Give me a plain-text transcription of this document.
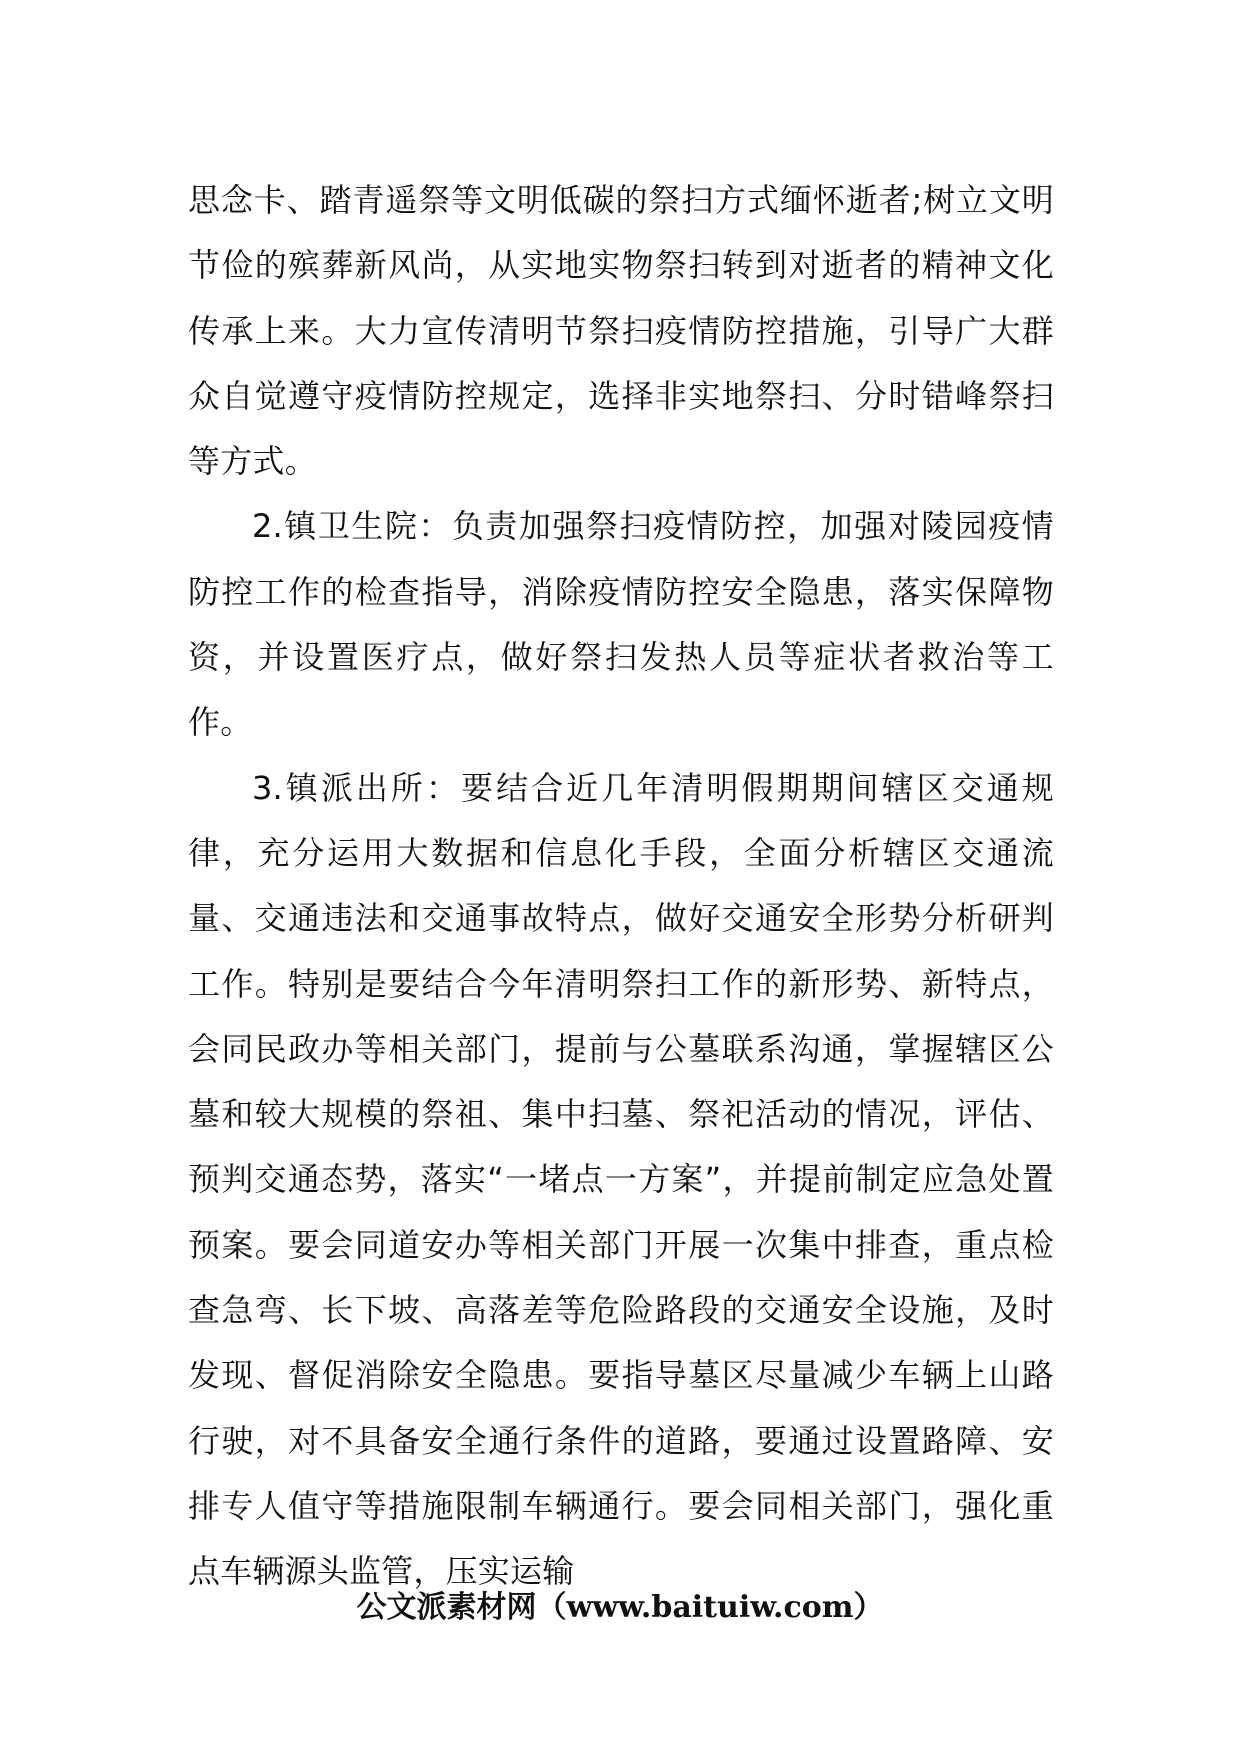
思念卡、踏青遥祭等文明低碳的祭扫方式缅怀逝者;树立文明节俭的殡葬新风尚，从实地实物祭扫转到对逝者的精神文化传承上来。大力宣传清明节祭扫疫情防控措施，引导广大群众自觉遵守疫情防控规定，选择非实地祭扫、分时错峰祭扫等方式。

2.镇卫生院：负责加强祭扫疫情防控，加强对陵园疫情防控工作的检查指导，消除疫情防控安全隐患，落实保障物资，并设置医疗点，做好祭扫发热人员等症状者救治等工作。

3.镇派出所：要结合近几年清明假期期间辖区交通规律，充分运用大数据和信息化手段，全面分析辖区交通流量、交通违法和交通事故特点，做好交通安全形势分析研判工作。特别是要结合今年清明祭扫工作的新形势、新特点，会同民政办等相关部门，提前与公墓联系沟通，掌握辖区公墓和较大规模的祭祖、集中扫墓、祭祀活动的情况，评估、预判交通态势，落实“一堵点一方案”，并提前制定应急处置预案。要会同道安办等相关部门开展一次集中排查，重点检查急弯、长下坡、高落差等危险路段的交通安全设施，及时发现、督促消除安全隐患。要指导墓区尽量减少车辆上山路行驶，对不具备安全通行条件的道路，要通过设置路障、安排专人值守等措施限制车辆通行。要会同相关部门，强化重点车辆源头监管，压实运输

公文派素材网（www.baituiw.com）
